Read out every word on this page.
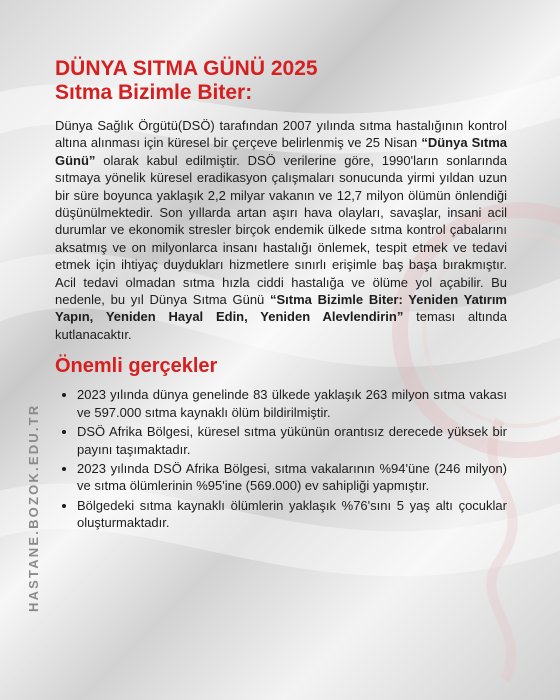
HASTANE.BOZOK.EDU.TR
DÜNYA SITMA GÜNÜ 2025
Sıtma Bizimle Biter:

Dünya Sağlık Örgütü(DSÖ) tarafından 2007 yılında sıtma hastalığının kontrol altına alınması için küresel bir çerçeve belirlenmiş ve 25 Nisan “Dünya Sıtma Günü” olarak kabul edilmiştir. DSÖ verilerine göre, 1990'ların sonlarında sıtmaya yönelik küresel eradikasyon çalışmaları sonucunda yirmi yıldan uzun bir süre boyunca yaklaşık 2,2 milyar vakanın ve 12,7 milyon ölümün önlendiği düşünülmektedir. Son yıllarda artan aşırı hava olayları, savaşlar, insani acil durumlar ve ekonomik stresler birçok endemik ülkede sıtma kontrol çabalarını aksatmış ve on milyonlarca insanı hastalığı önlemek, tespit etmek ve tedavi etmek için ihtiyaç duydukları hizmetlere sınırlı erişimle baş başa bırakmıştır. Acil tedavi olmadan sıtma hızla ciddi hastalığa ve ölüme yol açabilir. Bu nedenle, bu yıl Dünya Sıtma Günü “Sıtma Bizimle Biter: Yeniden Yatırım Yapın, Yeniden Hayal Edin, Yeniden Alevlendirin” teması altında kutlanacaktır.

Önemli gerçekler
• 2023 yılında dünya genelinde 83 ülkede yaklaşık 263 milyon sıtma vakası ve 597.000 sıtma kaynaklı ölüm bildirilmiştir.
• DSÖ Afrika Bölgesi, küresel sıtma yükünün orantısız derecede yüksek bir payını taşımaktadır.
• 2023 yılında DSÖ Afrika Bölgesi, sıtma vakalarının %94'üne (246 milyon) ve sıtma ölümlerinin %95'ine (569.000) ev sahipliği yapmıştır.
• Bölgedeki sıtma kaynaklı ölümlerin yaklaşık %76'sını 5 yaş altı çocuklar oluşturmaktadır.
